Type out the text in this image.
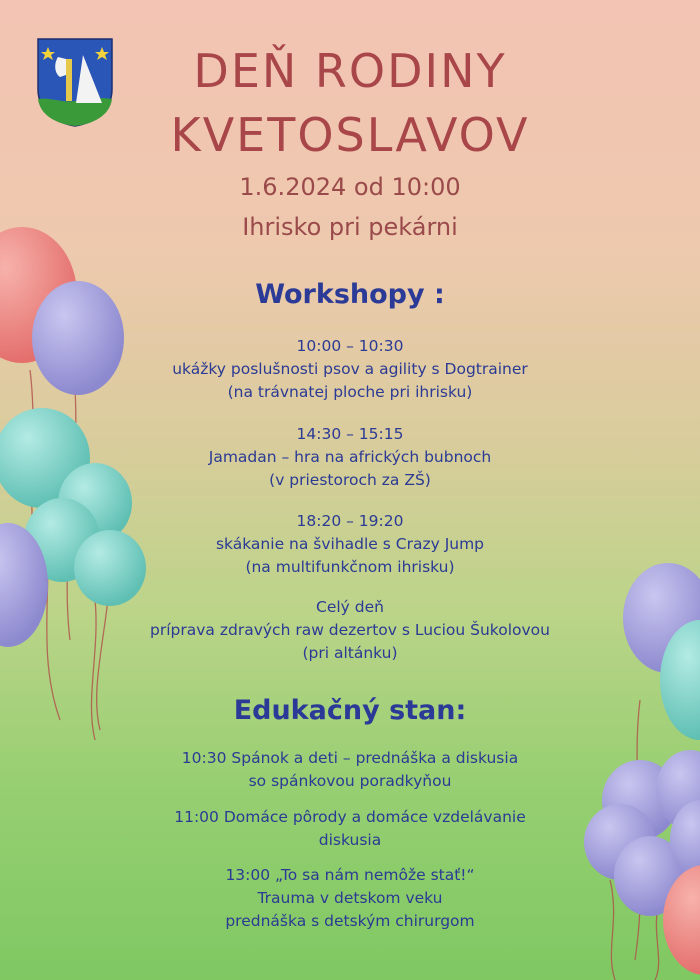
DEŇ RODINY
KVETOSLAVOV
1.6.2024 od 10:00
Ihrisko pri pekárni
Workshopy :
10:00 – 10:30
ukážky poslušnosti psov a agility s Dogtrainer
(na trávnatej ploche pri ihrisku)
14:30 – 15:15
Jamadan – hra na afrických bubnoch
(v priestoroch za ZŠ)
18:20 – 19:20
skákanie na švihadle s Crazy Jump
(na multifunkčnom ihrisku)
Celý deň
príprava zdravých raw dezertov s Luciou Šukolovou
(pri altánku)
Edukačný stan:
10:30 Spánok a deti – prednáška a diskusia
so spánkovou poradkyňou
11:00 Domáce pôrody a domáce vzdelávanie
diskusia
13:00 „To sa nám nemôže stať!“
Trauma v detskom veku
prednáška s detským chirurgom
